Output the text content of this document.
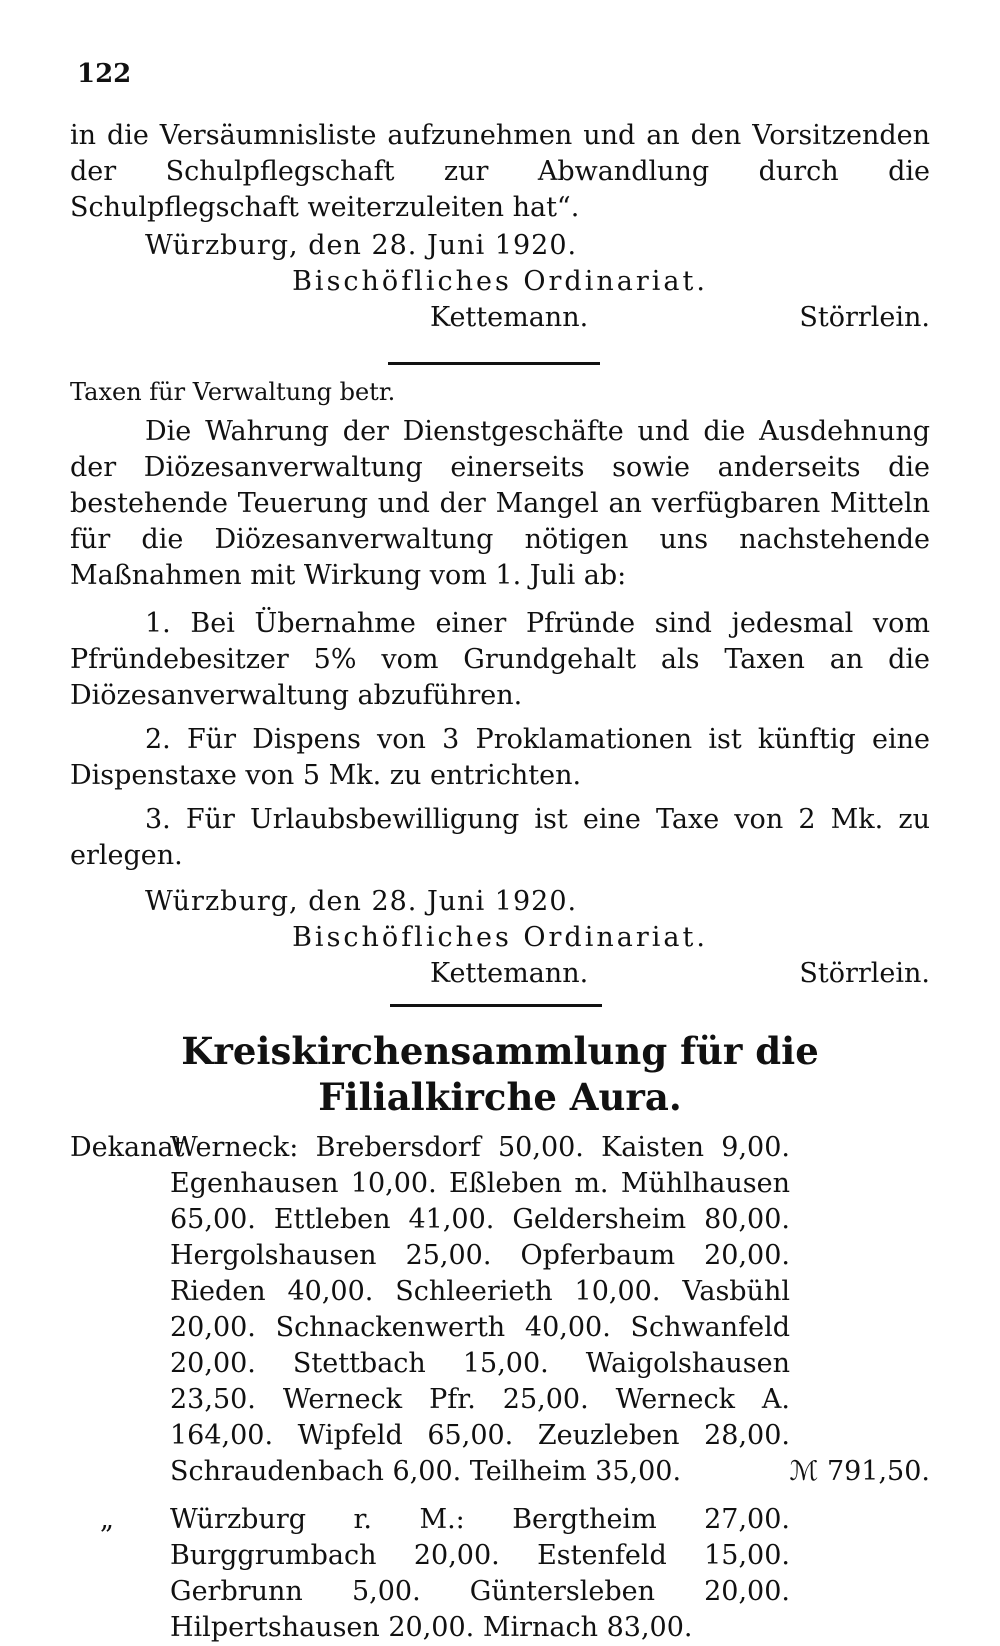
122

in die Versäumnisliste aufzunehmen und an den Vorsitzenden der Schulpflegschaft zur Abwandlung durch die Schulpflegschaft weiterzuleiten hat“.

Würzburg, den 28. Juni 1920.
Bischöfliches Ordinariat.
Kettemann.	Störrlein.
Taxen für Verwaltung betr.

Die Wahrung der Dienstgeschäfte und die Ausdehnung der Diözesanverwaltung einerseits sowie anderseits die bestehende Teuerung und der Mangel an verfügbaren Mitteln für die Diözesanverwaltung nötigen uns nachstehende Maßnahmen mit Wirkung vom 1. Juli ab:

1. Bei Übernahme einer Pfründe sind jedesmal vom Pfründebesitzer 5% vom Grundgehalt als Taxen an die Diözesanverwaltung abzuführen.

2. Für Dispens von 3 Proklamationen ist künftig eine Dispenstaxe von 5 Mk. zu entrichten.

3. Für Urlaubsbewilligung ist eine Taxe von 2 Mk. zu erlegen.

Würzburg, den 28. Juni 1920.
Bischöfliches Ordinariat.
Kettemann.	Störrlein.
Kreiskirchensammlung für die Filialkirche Aura.
Dekanat

Werneck: Brebersdorf 50,00. Kaisten 9,00. Egenhausen 10,00. Eßleben m. Mühlhausen 65,00. Ettleben 41,00. Geldersheim 80,00. Hergolshausen 25,00. Opferbaum 20,00. Rieden 40,00. Schleerieth 10,00. Vasbühl 20,00. Schnackenwerth 40,00. Schwanfeld 20,00. Stettbach 15,00. Waigolshausen 23,50. Werneck Pfr. 25,00. Werneck A. 164,00. Wipfeld 65,00. Zeuzleben 28,00. Schraudenbach 6,00. Teilheim 35,00.	ℳ 791,50.
„ Würzburg r. M.: Bergtheim 27,00. Burggrumbach 20,00. Estenfeld 15,00. Gerbrunn 5,00. Güntersleben 20,00. Hilpertshausen 20,00. Mirnach 83,00.
